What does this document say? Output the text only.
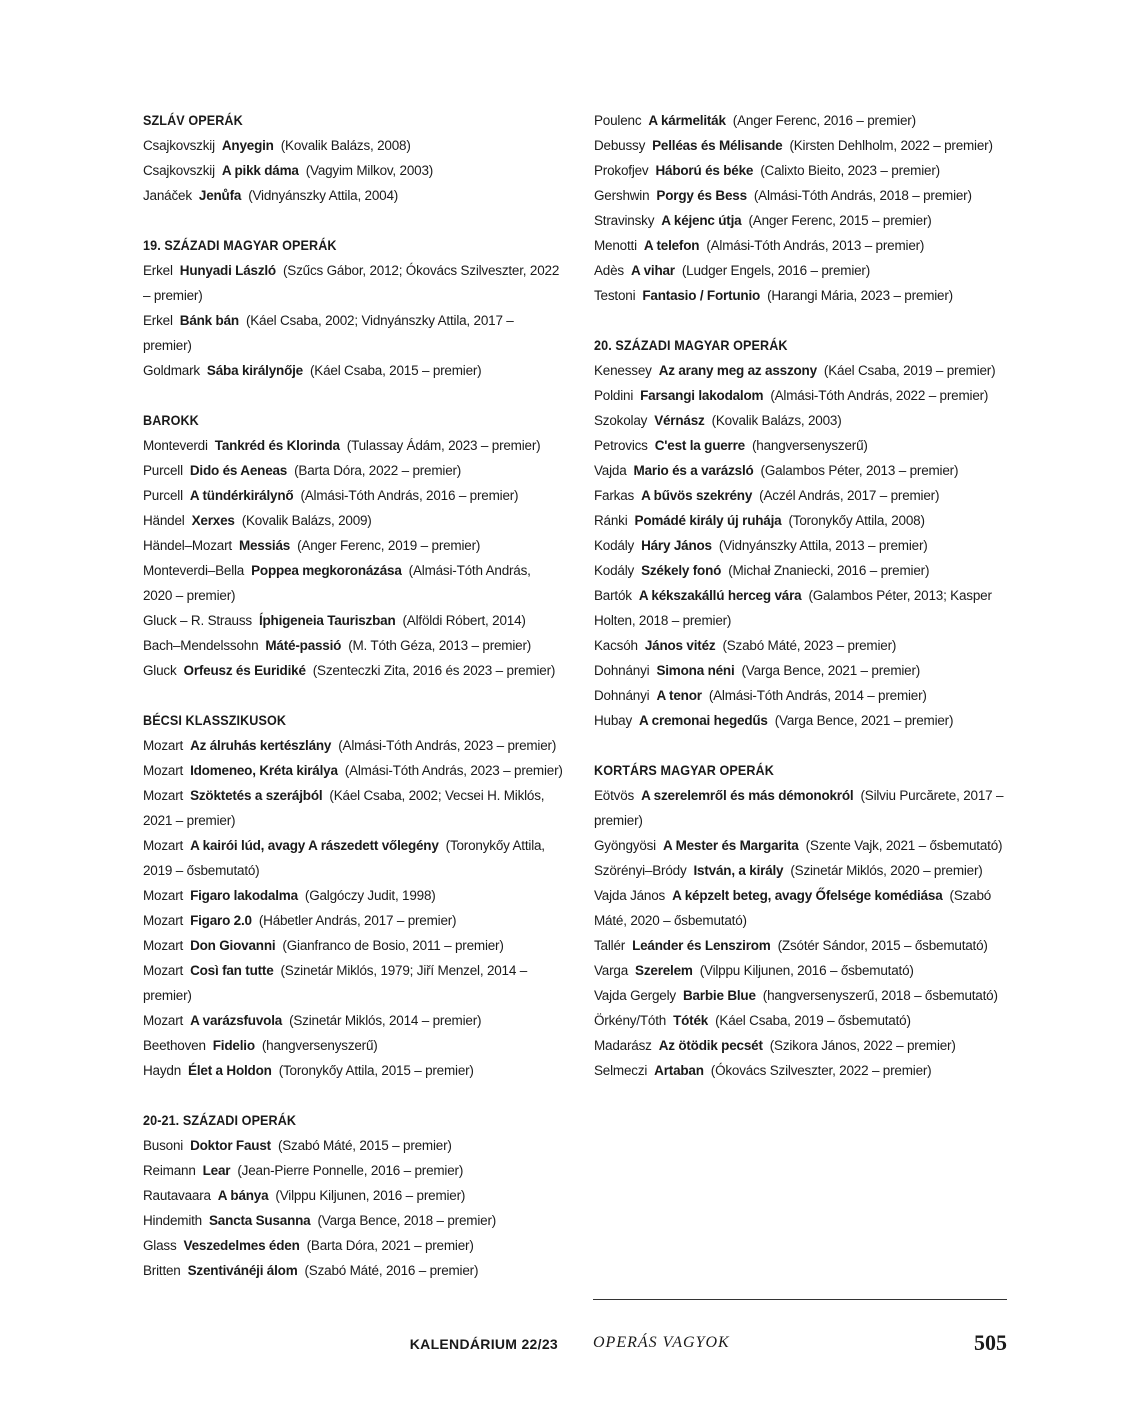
SZLÁV OPERÁK
Csajkovszkij Anyegin (Kovalik Balázs, 2008)
Csajkovszkij A pikk dáma (Vagyim Milkov, 2003)
Janáček Jenůfa (Vidnyánszky Attila, 2004)
19. SZÁZADI MAGYAR OPERÁK
Erkel Hunyadi László (Szűcs Gábor, 2012; Ókovács Szilveszter, 2022 – premier)
Erkel Bánk bán (Káel Csaba, 2002; Vidnyánszky Attila, 2017 – premier)
Goldmark Sába királynője (Káel Csaba, 2015 – premier)
BAROKK
Monteverdi Tankréd és Klorinda (Tulassay Ádám, 2023 – premier)
Purcell Dido és Aeneas (Barta Dóra, 2022 – premier)
Purcell A tündérkirálynő (Almási-Tóth András, 2016 – premier)
Händel Xerxes (Kovalik Balázs, 2009)
Händel–Mozart Messiás (Anger Ferenc, 2019 – premier)
Monteverdi–Bella Poppea megkoronázása (Almási-Tóth András, 2020 – premier)
Gluck – R. Strauss Íphigeneia Tauriszban (Alföldi Róbert, 2014)
Bach–Mendelssohn Máté-passió (M. Tóth Géza, 2013 – premier)
Gluck Orfeusz és Euridiké (Szenteczki Zita, 2016 és 2023 – premier)
BÉCSI KLASSZIKUSOK
Mozart Az álruhás kertészlány (Almási-Tóth András, 2023 – premier)
Mozart Idomeneo, Kréta királya (Almási-Tóth András, 2023 – premier)
Mozart Szöktetés a szerájból (Káel Csaba, 2002; Vecsei H. Miklós, 2021 – premier)
Mozart A kairói lúd, avagy A rászedett vőlegény (Toronykőy Attila, 2019 – ősbemutató)
Mozart Figaro lakodalma (Galgóczy Judit, 1998)
Mozart Figaro 2.0 (Hábetler András, 2017 – premier)
Mozart Don Giovanni (Gianfranco de Bosio, 2011 – premier)
Mozart Così fan tutte (Szinetár Miklós, 1979; Jiří Menzel, 2014 – premier)
Mozart A varázsfuvola (Szinetár Miklós, 2014 – premier)
Beethoven Fidelio (hangversenyszerű)
Haydn Élet a Holdon (Toronykőy Attila, 2015 – premier)
20-21. SZÁZADI OPERÁK
Busoni Doktor Faust (Szabó Máté, 2015 – premier)
Reimann Lear (Jean-Pierre Ponnelle, 2016 – premier)
Rautavaara A bánya (Vilppu Kiljunen, 2016 – premier)
Hindemith Sancta Susanna (Varga Bence, 2018 – premier)
Glass Veszedelmes éden (Barta Dóra, 2021 – premier)
Britten Szentivánéji álom (Szabó Máté, 2016 – premier)
Poulenc A kármeliták (Anger Ferenc, 2016 – premier)
Debussy Pelléas és Mélisande (Kirsten Dehlholm, 2022 – premier)
Prokofjev Háború és béke (Calixto Bieito, 2023 – premier)
Gershwin Porgy és Bess (Almási-Tóth András, 2018 – premier)
Stravinsky A kéjenc útja (Anger Ferenc, 2015 – premier)
Menotti A telefon (Almási-Tóth András, 2013 – premier)
Adès A vihar (Ludger Engels, 2016 – premier)
Testoni Fantasio / Fortunio (Harangi Mária, 2023 – premier)
20. SZÁZADI MAGYAR OPERÁK
Kenessey Az arany meg az asszony (Káel Csaba, 2019 – premier)
Poldini Farsangi lakodalom (Almási-Tóth András, 2022 – premier)
Szokolay Vérnász (Kovalik Balázs, 2003)
Petrovics C'est la guerre (hangversenyszerű)
Vajda Mario és a varázsló (Galambos Péter, 2013 – premier)
Farkas A bűvös szekrény (Aczél András, 2017 – premier)
Ránki Pomádé király új ruhája (Toronykőy Attila, 2008)
Kodály Háry János (Vidnyánszky Attila, 2013 – premier)
Kodály Székely fonó (Michał Znaniecki, 2016 – premier)
Bartók A kékszakállú herceg vára (Galambos Péter, 2013; Kasper Holten, 2018 – premier)
Kacsóh János vitéz (Szabó Máté, 2023 – premier)
Dohnányi Simona néni (Varga Bence, 2021 – premier)
Dohnányi A tenor (Almási-Tóth András, 2014 – premier)
Hubay A cremonai hegedűs (Varga Bence, 2021 – premier)
KORTÁRS MAGYAR OPERÁK
Eötvös A szerelemről és más démonokról (Silviu Purcărete, 2017 – premier)
Gyöngyösi A Mester és Margarita (Szente Vajk, 2021 – ősbemutató)
Szörényi–Bródy István, a király (Szinetár Miklós, 2020 – premier)
Vajda János A képzelt beteg, avagy Őfelsége komédiása (Szabó Máté, 2020 – ősbemutató)
Tallér Leánder és Lenszirom (Zsótér Sándor, 2015 – ősbemutató)
Varga Szerelem (Vilppu Kiljunen, 2016 – ősbemutató)
Vajda Gergely Barbie Blue (hangversenyszerű, 2018 – ősbemutató)
Örkény/Tóth Tóték (Káel Csaba, 2019 – ősbemutató)
Madarász Az ötödik pecsét (Szikora János, 2022 – premier)
Selmeczi Artaban (Ókovács Szilveszter, 2022 – premier)
KALENDÁRIUM 22/23 OPERÁS VAGYOK	505
